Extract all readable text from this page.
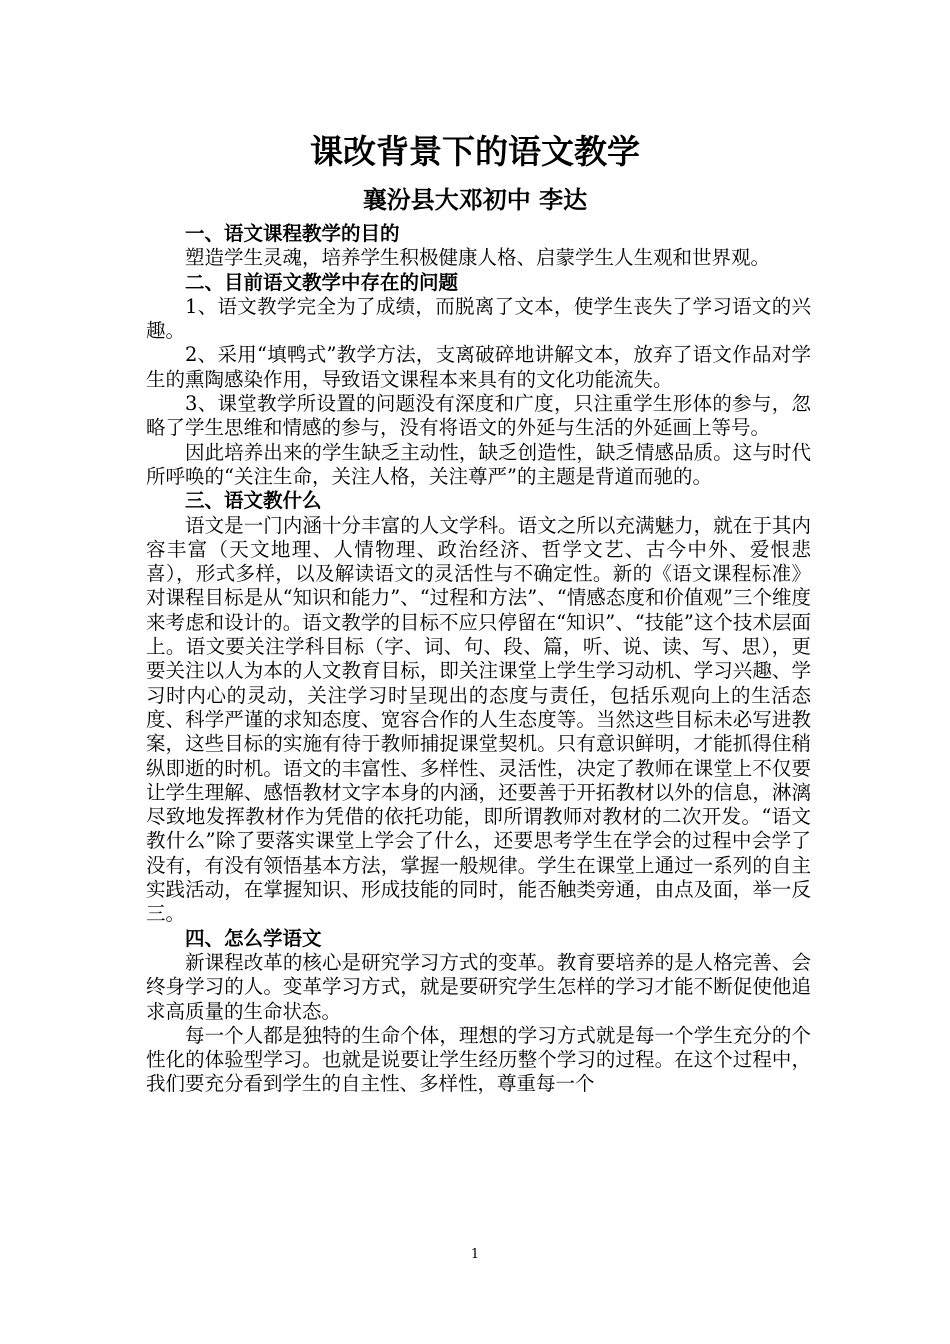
课改背景下的语文教学
襄汾县大邓初中 李达
一、语文课程教学的目的

塑造学生灵魂，培养学生积极健康人格、启蒙学生人生观和世界观。

二、目前语文教学中存在的问题

1、语文教学完全为了成绩，而脱离了文本，使学生丧失了学习语文的兴趣。

2、采用“填鸭式”教学方法，支离破碎地讲解文本，放弃了语文作品对学生的熏陶感染作用，导致语文课程本来具有的文化功能流失。

3、课堂教学所设置的问题没有深度和广度，只注重学生形体的参与，忽略了学生思维和情感的参与，没有将语文的外延与生活的外延画上等号。

因此培养出来的学生缺乏主动性，缺乏创造性，缺乏情感品质。这与时代所呼唤的“关注生命，关注人格，关注尊严”的主题是背道而驰的。

三、语文教什么

语文是一门内涵十分丰富的人文学科。语文之所以充满魅力，就在于其内容丰富（天文地理、人情物理、政治经济、哲学文艺、古今中外、爱恨悲喜），形式多样，以及解读语文的灵活性与不确定性。新的《语文课程标准》对课程目标是从“知识和能力”、“过程和方法”、“情感态度和价值观”三个维度来考虑和设计的。语文教学的目标不应只停留在“知识”、“技能”这个技术层面上。语文要关注学科目标（字、词、句、段、篇，听、说、读、写、思），更要关注以人为本的人文教育目标，即关注课堂上学生学习动机、学习兴趣、学习时内心的灵动，关注学习时呈现出的态度与责任，包括乐观向上的生活态度、科学严谨的求知态度、宽容合作的人生态度等。当然这些目标未必写进教案，这些目标的实施有待于教师捕捉课堂契机。只有意识鲜明，才能抓得住稍纵即逝的时机。语文的丰富性、多样性、灵活性，决定了教师在课堂上不仅要让学生理解、感悟教材文字本身的内涵，还要善于开拓教材以外的信息，淋漓尽致地发挥教材作为凭借的依托功能，即所谓教师对教材的二次开发。“语文教什么”除了要落实课堂上学会了什么，还要思考学生在学会的过程中会学了没有，有没有领悟基本方法，掌握一般规律。学生在课堂上通过一系列的自主实践活动，在掌握知识、形成技能的同时，能否触类旁通，由点及面，举一反三。

四、怎么学语文

新课程改革的核心是研究学习方式的变革。教育要培养的是人格完善、会终身学习的人。变革学习方式，就是要研究学生怎样的学习才能不断促使他追求高质量的生命状态。

每一个人都是独特的生命个体，理想的学习方式就是每一个学生充分的个性化的体验型学习。也就是说要让学生经历整个学习的过程。在这个过程中，我们要充分看到学生的自主性、多样性，尊重每一个

1
